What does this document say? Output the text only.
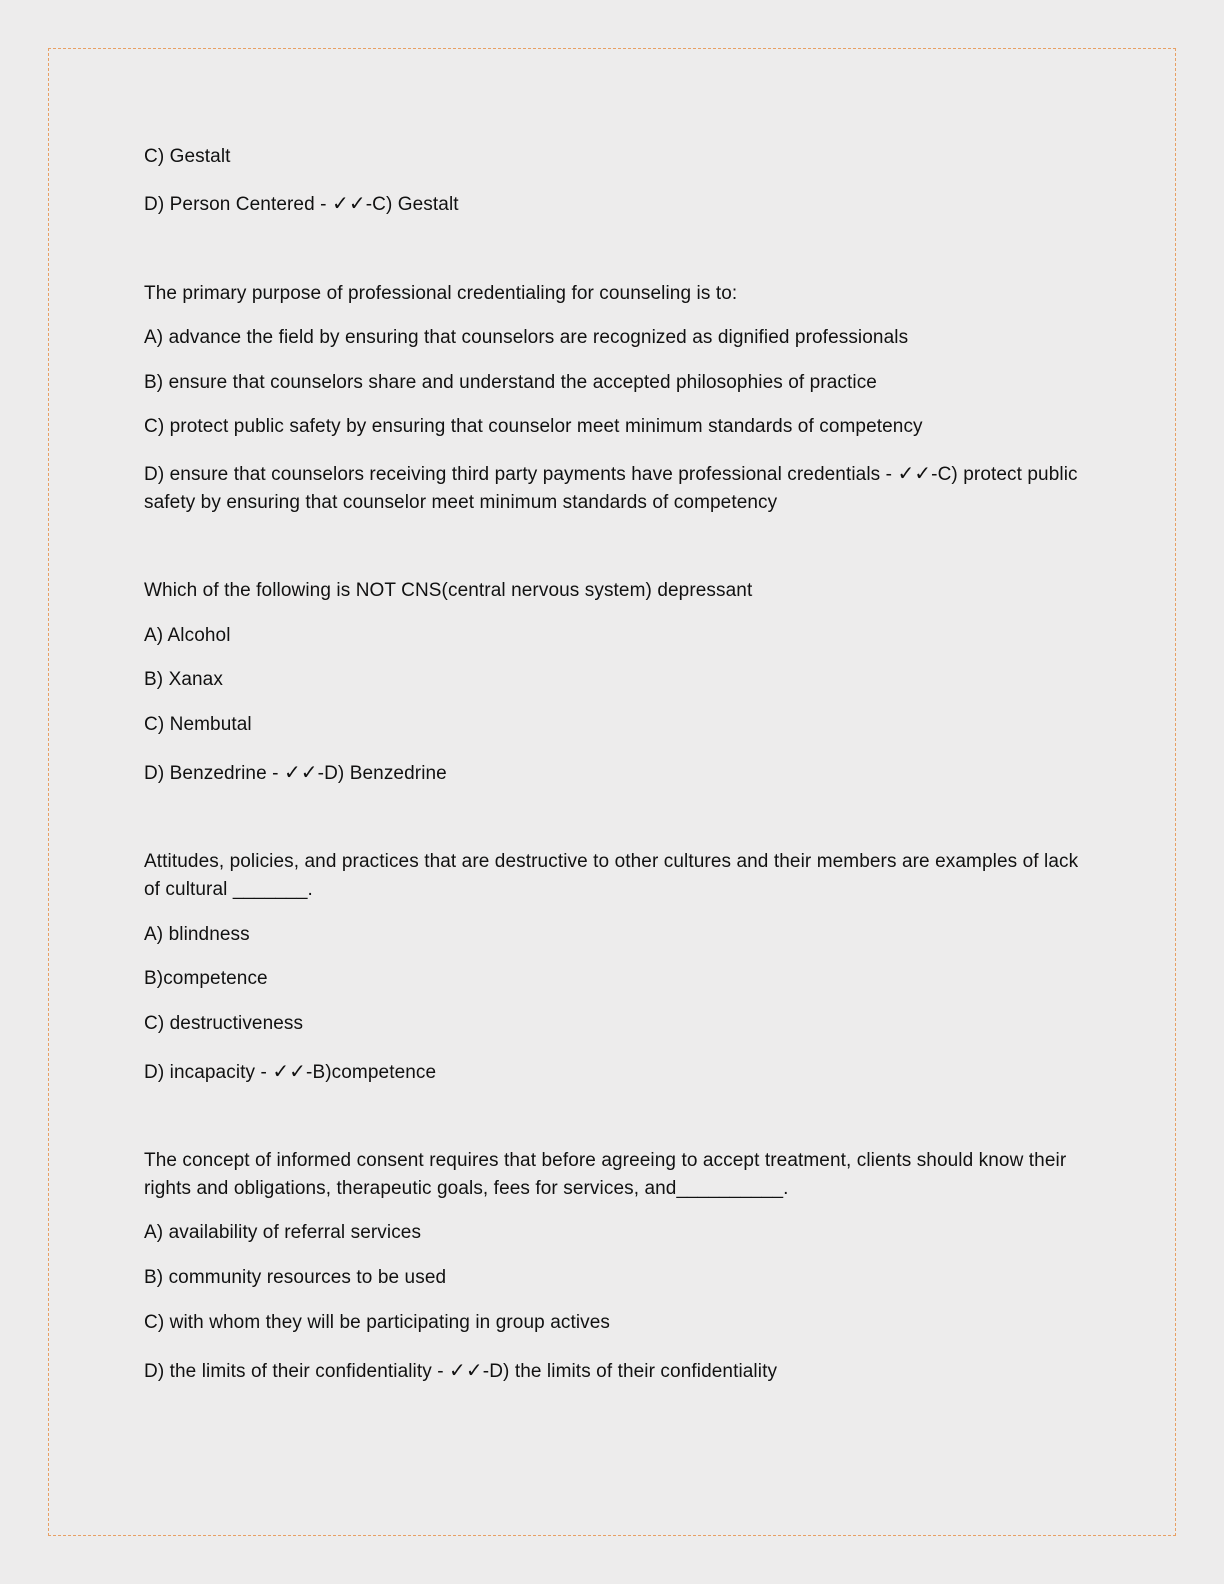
C) Gestalt
D) Person Centered - ✓✓-C) Gestalt
The primary purpose of professional credentialing for counseling is to:
A) advance the field by ensuring that counselors are recognized as dignified professionals
B) ensure that counselors share and understand the accepted philosophies of practice
C) protect public safety by ensuring that counselor meet minimum standards of competency
D) ensure that counselors receiving third party payments have professional credentials - ✓✓-C) protect public safety by ensuring that counselor meet minimum standards of competency
Which of the following is NOT CNS(central nervous system) depressant
A) Alcohol
B) Xanax
C) Nembutal
D) Benzedrine - ✓✓-D) Benzedrine
Attitudes, policies, and practices that are destructive to other cultures and their members are examples of lack of cultural _______.
A) blindness
B)competence
C) destructiveness
D) incapacity - ✓✓-B)competence
The concept of informed consent requires that before agreeing to accept treatment, clients should know their rights and obligations, therapeutic goals, fees for services, and__________.
A) availability of referral services
B) community resources to be used
C) with whom they will be participating in group actives
D) the limits of their confidentiality - ✓✓-D) the limits of their confidentiality
